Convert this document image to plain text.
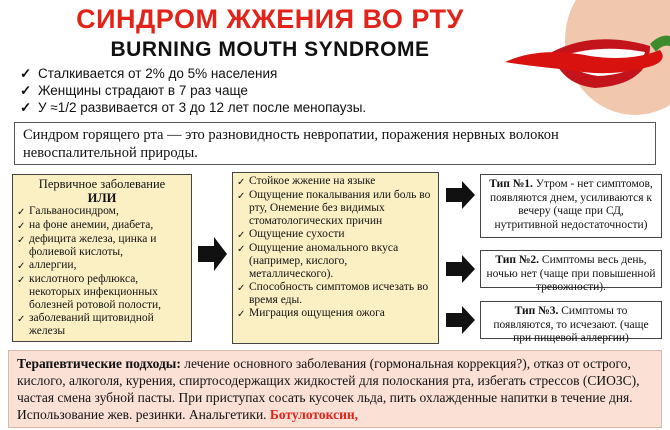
СИНДРОМ ЖЖЕНИЯ ВО РТУ
BURNING MOUTH SYNDROME
✓ Сталкивается от 2% до 5% населения
✓ Женщины страдают в 7 раз чаще
✓ У ≈1/2 развивается от 3 до 12 лет после менопаузы.
Синдром горящего рта — это разновидность невропатии, поражения нервных волокон невоспалительной природы.
Первичное заболевание
ИЛИ
✓ Гальваносиндром,
✓ на фоне анемии, диабета,
✓ дефицита железа, цинка и фолиевой кислоты,
✓ аллергии,
✓ кислотного рефлюкса, некоторых инфекционных болезней ротовой полости,
✓ заболеваний щитовидной железы
✓ Стойкое жжение на языке
✓ Ощущение покалывания или боль во рту, Онемение без видимых стоматологических причин
✓ Ощущение сухости
✓ Ощущение аномального вкуса (например, кислого, металлического).
✓ Способность симптомов исчезать во время еды.
✓ Миграция ощущения ожога
Тип №1. Утром - нет симптомов, появляются днем, усиливаются к вечеру (чаще при СД, нутритивной недостаточности)
Тип №2. Симптомы весь день, ночью нет (чаще при повышенной тревожности).
Тип №3. Симптомы то появляются, то исчезают. (чаще при пищевой аллергии)
Терапевтические подходы: лечение основного заболевания (гормональная коррекция?), отказ от острого, кислого, алкоголя, курения, спиртосодержащих жидкостей для полоскания рта, избегать стрессов (СИОЗС), частая смена зубной пасты. При приступах сосать кусочек льда, пить охлажденные напитки в течение дня. Использование жев. резинки. Анальгетики. Ботулотоксин,
